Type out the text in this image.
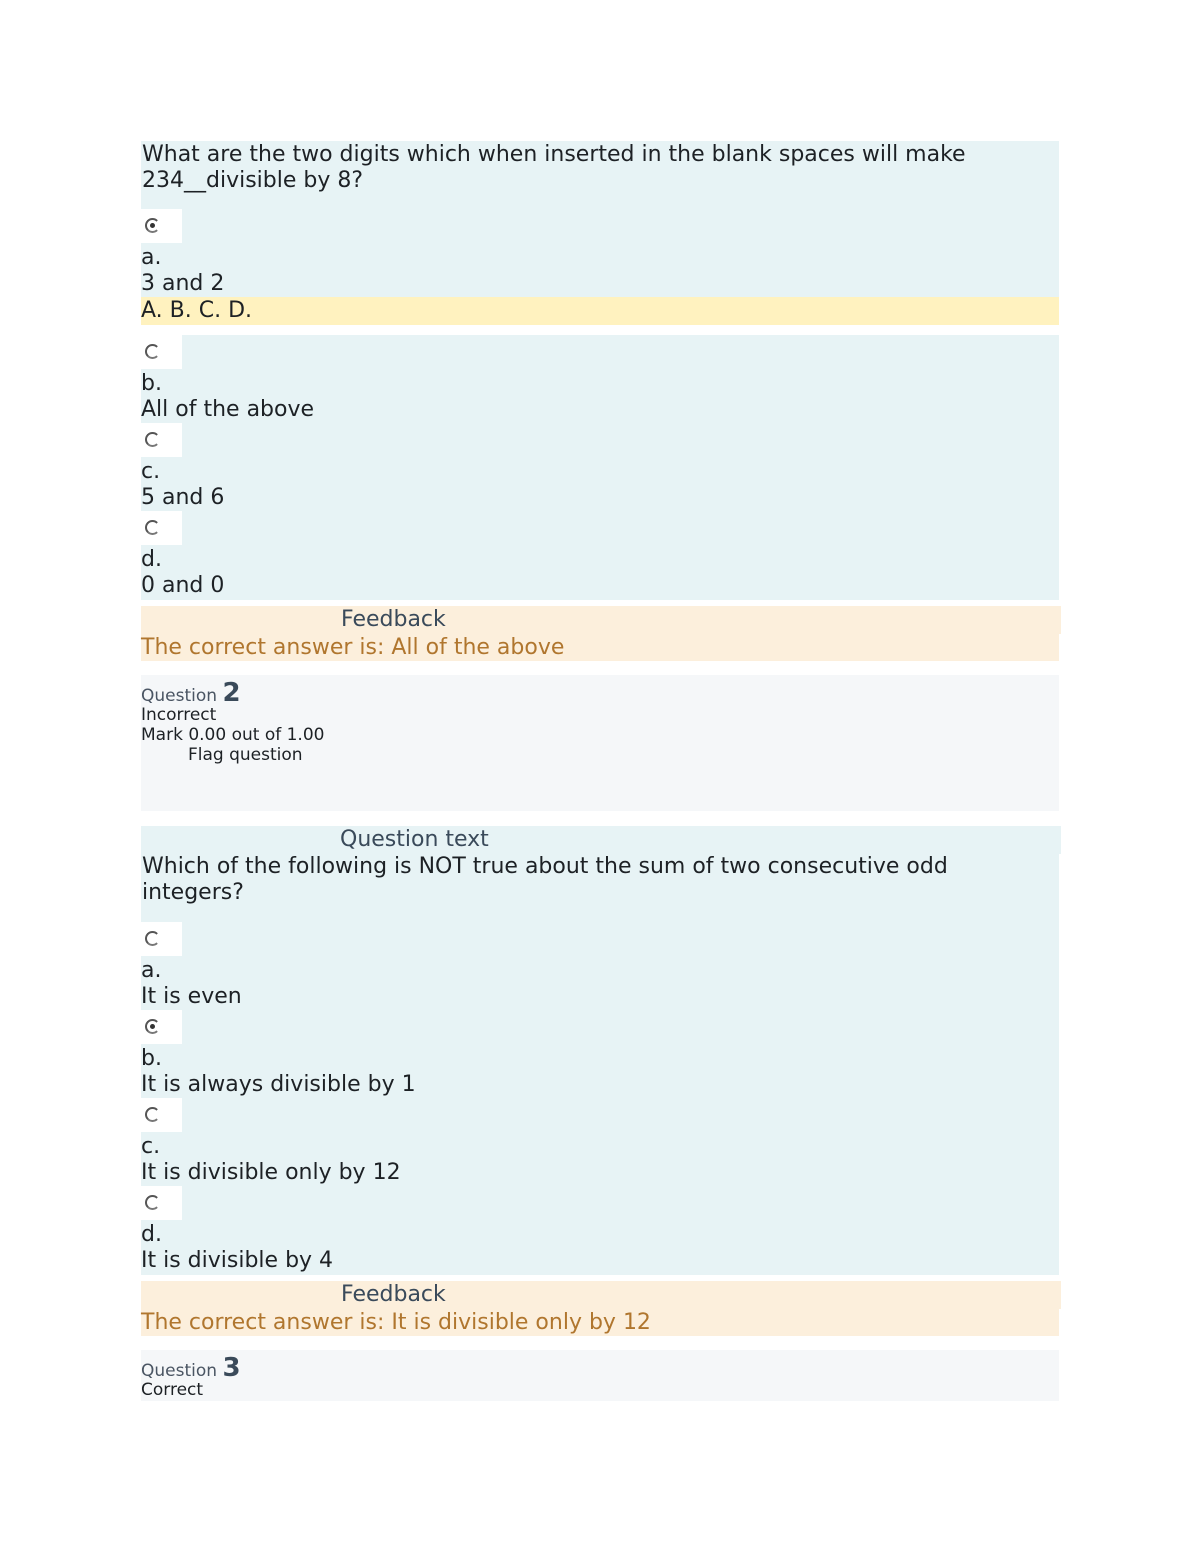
What are the two digits which when inserted in the blank spaces will make 234__divisible by 8?
a.
3 and 2
A. B. C. D.
b.
All of the above
c.
5 and 6
d.
0 and 0
Feedback
The correct answer is: All of the above
Question 2
Incorrect
Mark 0.00 out of 1.00
Flag question
Question text
Which of the following is NOT true about the sum of two consecutive odd integers?
a.
It is even
b.
It is always divisible by 1
c.
It is divisible only by 12
d.
It is divisible by 4
Feedback
The correct answer is: It is divisible only by 12
Question 3
Correct
